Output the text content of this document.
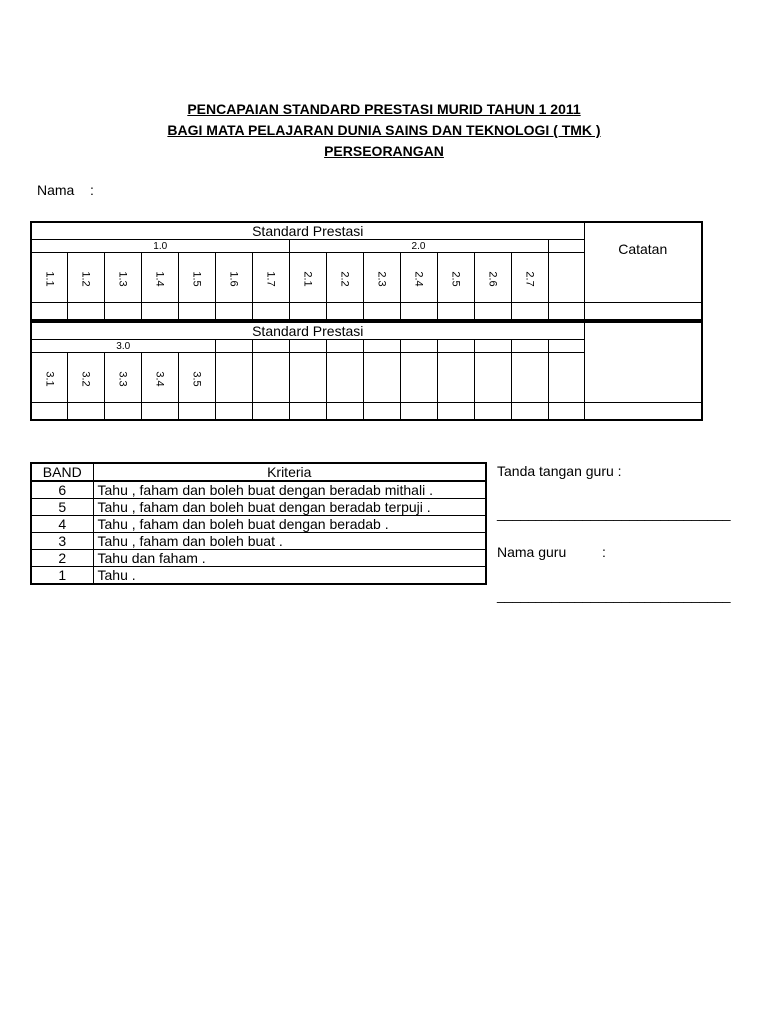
PENCAPAIAN STANDARD PRESTASI MURID TAHUN 1 2011
BAGI MATA PELAJARAN DUNIA SAINS DAN TEKNOLOGI ( TMK )
PERSEORANGAN
Nama :
Standard Prestasi															Catatan
1.0							2.0								
1.1	1.2	1.3	1.4	1.5	1.6	1.7	2.1	2.2	2.3	2.4	2.5	2.6	2.7		

Standard Prestasi															
3.0															
3.1	3.2	3.3	3.4	3.5											

BAND	Kriteria
6	Tahu , faham dan boleh buat dengan beradab mithali .
5	Tahu , faham dan boleh buat dengan beradab terpuji .
4	Tahu , faham dan boleh buat dengan beradab .
3	Tahu , faham dan boleh buat .
2	Tahu dan faham .
1	Tahu .
Tanda tangan guru :
______________________________
Nama guru	:
______________________________
